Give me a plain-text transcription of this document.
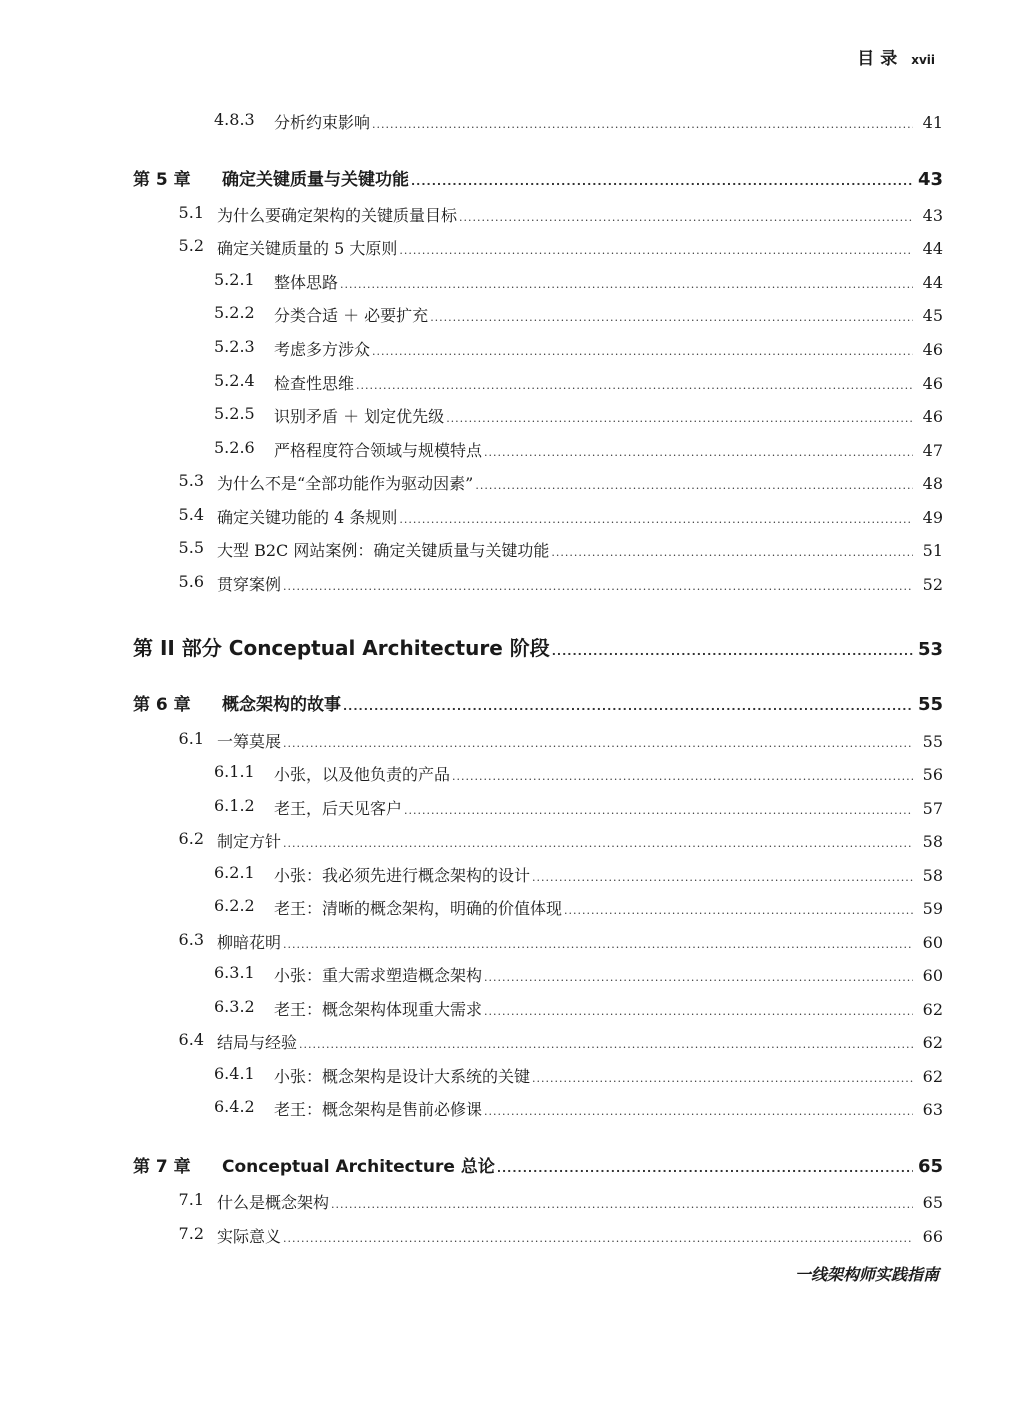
目 录 xvii
4.8.3 分析约束影响 .....	41
第 5 章 确定关键质量与关键功能 .....	43
5.1 为什么要确定架构的关键质量目标 .....	43
5.2 确定关键质量的 5 大原则 .....	44
5.2.1 整体思路 .....	44
5.2.2 分类合适 ＋ 必要扩充 .....	45
5.2.3 考虑多方涉众 .....	46
5.2.4 检查性思维 .....	46
5.2.5 识别矛盾 ＋ 划定优先级 .....	46
5.2.6 严格程度符合领域与规模特点 .....	47
5.3 为什么不是“全部功能作为驱动因素” .....	48
5.4 确定关键功能的 4 条规则 .....	49
5.5 大型 B2C 网站案例：确定关键质量与关键功能 .....	51
5.6 贯穿案例 .....	52
第 II 部分 Conceptual Architecture 阶段 .....	53
第 6 章 概念架构的故事 .....	55
6.1 一筹莫展 .....	55
6.1.1 小张，以及他负责的产品 .....	56
6.1.2 老王，后天见客户 .....	57
6.2 制定方针 .....	58
6.2.1 小张：我必须先进行概念架构的设计 .....	58
6.2.2 老王：清晰的概念架构，明确的价值体现 .....	59
6.3 柳暗花明 .....	60
6.3.1 小张：重大需求塑造概念架构 .....	60
6.3.2 老王：概念架构体现重大需求 .....	62
6.4 结局与经验 .....	62
6.4.1 小张：概念架构是设计大系统的关键 .....	62
6.4.2 老王：概念架构是售前必修课 .....	63
第 7 章 Conceptual Architecture 总论 .....	65
7.1 什么是概念架构 .....	65
7.2 实际意义 .....	66
一线架构师实践指南
